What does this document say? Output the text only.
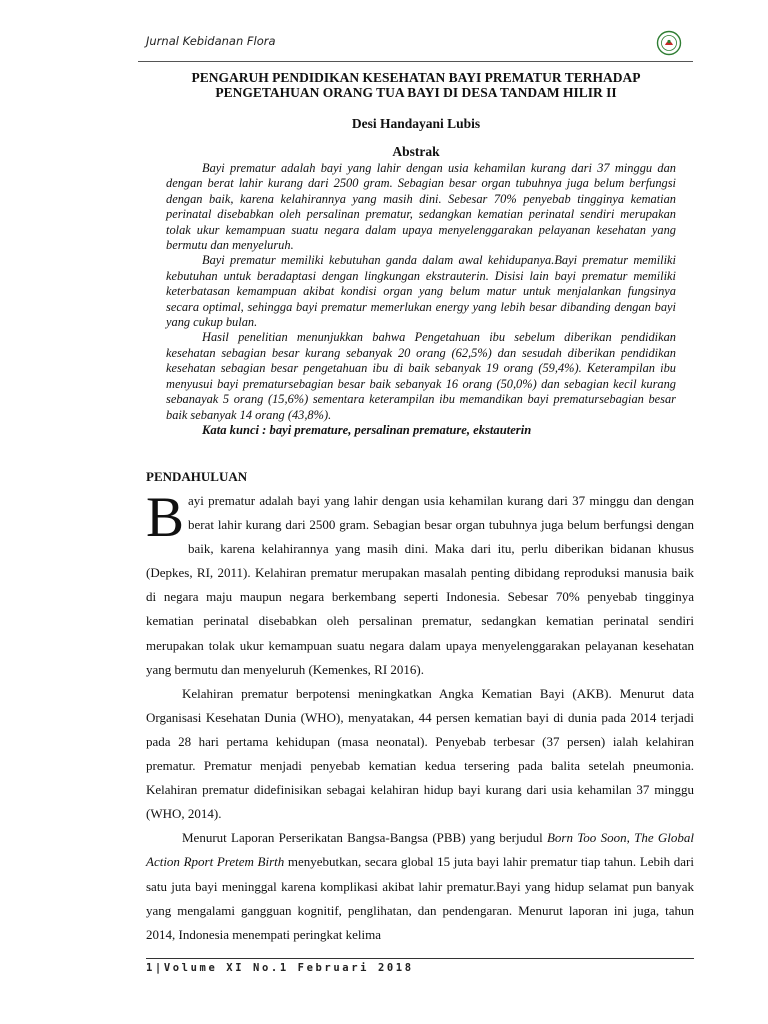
Jurnal Kebidanan Flora
PENGARUH PENDIDIKAN KESEHATAN BAYI PREMATUR TERHADAP
PENGETAHUAN ORANG TUA BAYI DI DESA TANDAM HILIR II
Desi Handayani Lubis
Abstrak

Bayi prematur adalah bayi yang lahir dengan usia kehamilan kurang dari 37 minggu dan dengan berat lahir kurang dari 2500 gram. Sebagian besar organ tubuhnya juga belum berfungsi dengan baik, karena kelahirannya yang masih dini. Sebesar 70% penyebab tingginya kematian perinatal disebabkan oleh persalinan prematur, sedangkan kematian perinatal sendiri merupakan tolak ukur kemampuan suatu negara dalam upaya menyelenggarakan pelayanan kesehatan yang bermutu dan menyeluruh.

Bayi prematur memiliki kebutuhan ganda dalam awal kehidupanya.Bayi prematur memiliki kebutuhan untuk beradaptasi dengan lingkungan ekstrauterin. Disisi lain bayi prematur memiliki keterbatasan kemampuan akibat kondisi organ yang belum matur untuk menjalankan fungsinya secara optimal, sehingga bayi prematur memerlukan energy yang lebih besar dibanding dengan bayi yang cukup bulan.

Hasil penelitian menunjukkan bahwa Pengetahuan ibu sebelum diberikan pendidikan kesehatan sebagian besar kurang sebanyak 20 orang (62,5%) dan sesudah diberikan pendidikan kesehatan sebagian besar pengetahuan ibu di baik sebanyak 19 orang (59,4%). Keterampilan ibu menyusui bayi prematursebagian besar baik sebanyak 16 orang (50,0%) dan sebagian kecil kurang sebanayak 5 orang (15,6%) sementara keterampilan ibu memandikan bayi prematursebagian besar baik sebanyak 14 orang (43,8%).

Kata kunci : bayi premature, persalinan premature, ekstauterin

PENDAHULUAN

Bayi prematur adalah bayi yang lahir dengan usia kehamilan kurang dari 37 minggu dan dengan berat lahir kurang dari 2500 gram. Sebagian besar organ tubuhnya juga belum berfungsi dengan baik, karena kelahirannya yang masih dini. Maka dari itu, perlu diberikan bidanan khusus (Depkes, RI, 2011). Kelahiran prematur merupakan masalah penting dibidang reproduksi manusia baik di negara maju maupun negara berkembang seperti Indonesia. Sebesar 70% penyebab tingginya kematian perinatal disebabkan oleh persalinan prematur, sedangkan kematian perinatal sendiri merupakan tolak ukur kemampuan suatu negara dalam upaya menyelenggarakan pelayanan kesehatan yang bermutu dan menyeluruh (Kemenkes, RI 2016).

Kelahiran prematur berpotensi meningkatkan Angka Kematian Bayi (AKB). Menurut data Organisasi Kesehatan Dunia (WHO), menyatakan, 44 persen kematian bayi di dunia pada 2014 terjadi pada 28 hari pertama kehidupan (masa neonatal). Penyebab terbesar (37 persen) ialah kelahiran prematur. Prematur menjadi penyebab kematian kedua tersering pada balita setelah pneumonia. Kelahiran prematur didefinisikan sebagai kelahiran hidup bayi kurang dari usia kehamilan 37 minggu (WHO, 2014).

Menurut Laporan Perserikatan Bangsa-Bangsa (PBB) yang berjudul Born Too Soon, The Global Action Rport Pretem Birth menyebutkan, secara global 15 juta bayi lahir prematur tiap tahun. Lebih dari satu juta bayi meninggal karena komplikasi akibat lahir prematur.Bayi yang hidup selamat pun banyak yang mengalami gangguan kognitif, penglihatan, dan pendengaran. Menurut laporan ini juga, tahun 2014, Indonesia menempati peringkat kelima

1|Volume XI No.1 Februari 2018
